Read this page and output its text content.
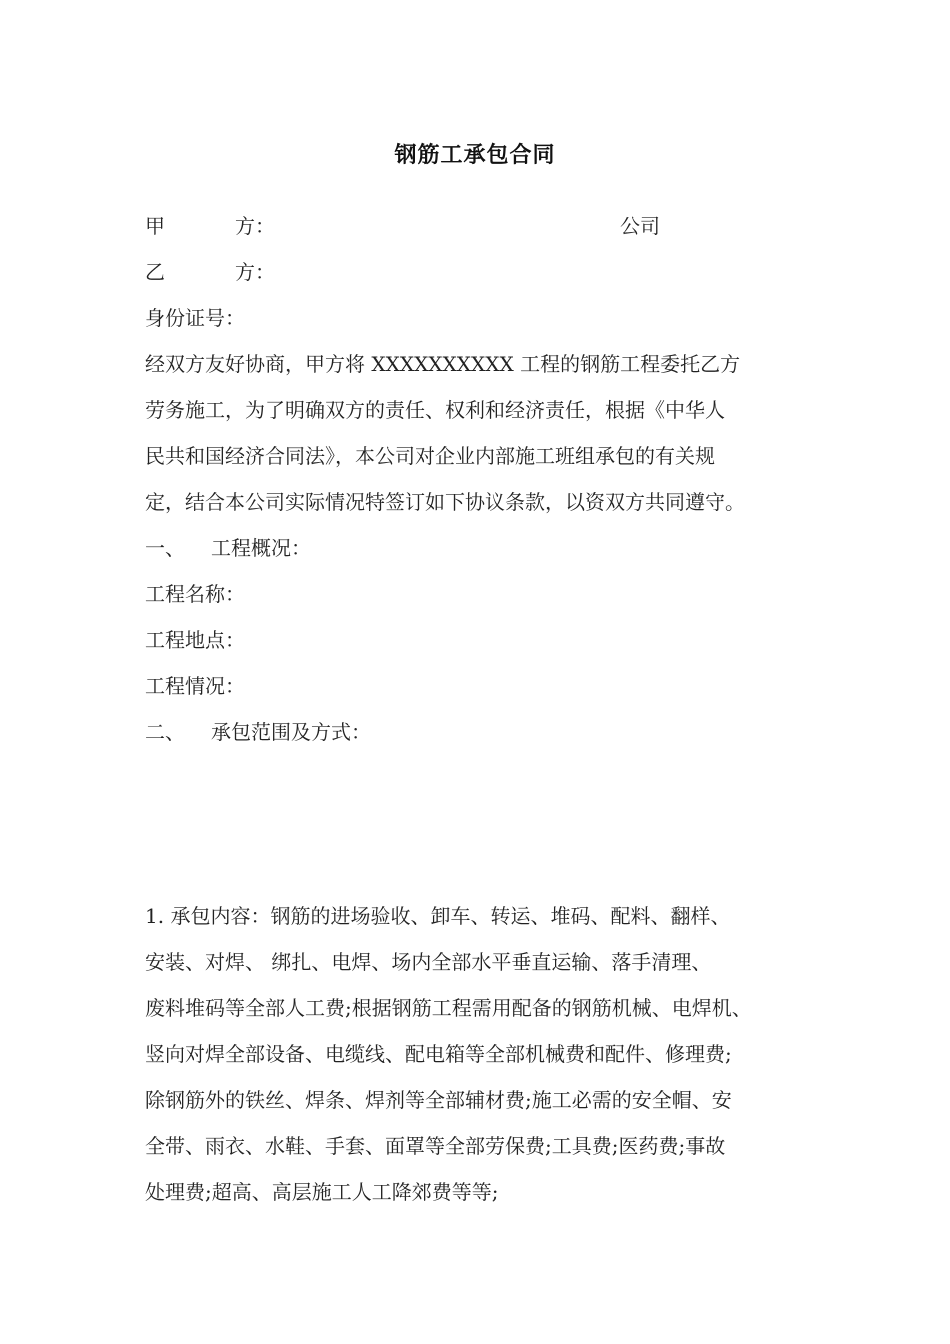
钢筋工承包合同
甲	方：	公司
乙	方：
身份证号：
经双方友好协商，甲方将 XXXXXXXXXX 工程的钢筋工程委托乙方
劳务施工，为了明确双方的责任、权利和经济责任，根据《中华人
民共和国经济合同法》，本公司对企业内部施工班组承包的有关规
定，结合本公司实际情况特签订如下协议条款，以资双方共同遵守。
一、 工程概况：
工程名称：
工程地点：
工程情况：
二、 承包范围及方式：
1. 承包内容：钢筋的进场验收、卸车、转运、堆码、配料、翻样、
安装、对焊、 绑扎、电焊、场内全部水平垂直运输、落手清理、
废料堆码等全部人工费;根据钢筋工程需用配备的钢筋机械、电焊机、
竖向对焊全部设备、电缆线、配电箱等全部机械费和配件、修理费;
除钢筋外的铁丝、焊条、焊剂等全部辅材费;施工必需的安全帽、安
全带、雨衣、水鞋、手套、面罩等全部劳保费;工具费;医药费;事故
处理费;超高、高层施工人工降郊费等等;
